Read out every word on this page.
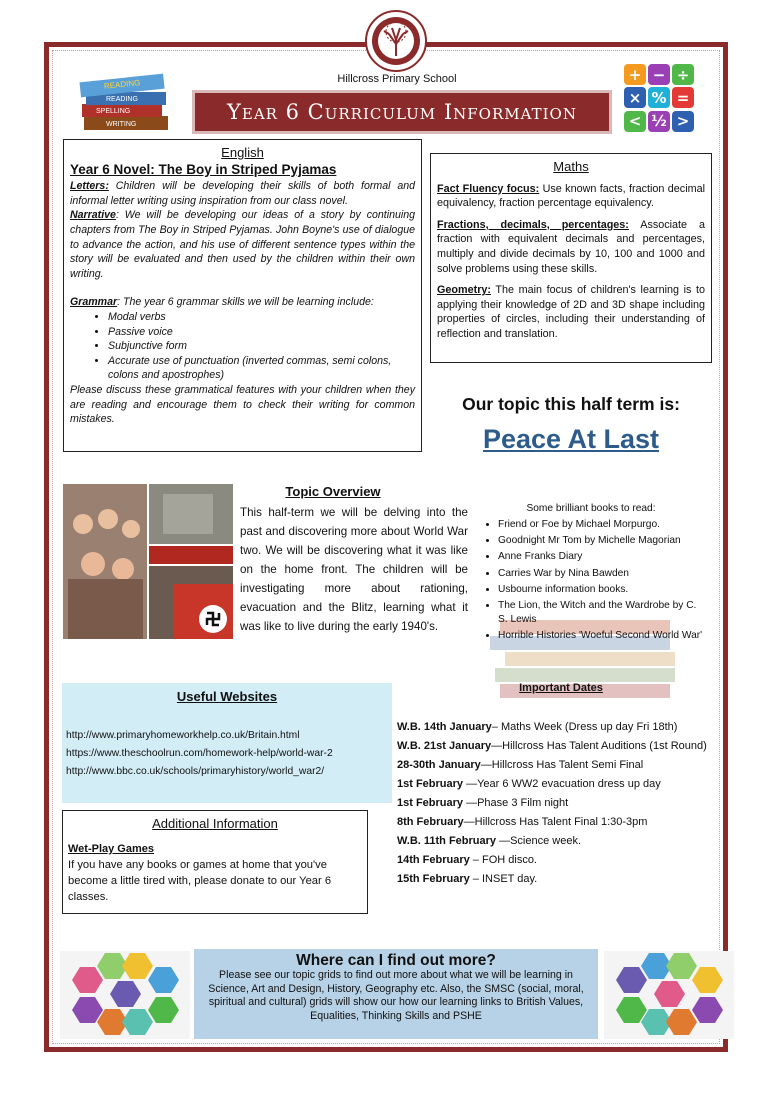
Hillcross Primary School
Year 6 Curriculum Information
WRITING
SPELLING
READING
READING
+ − ÷
× % =
< ½ >
English
Year 6 Novel: The Boy in Striped Pyjamas

Letters: Children will be developing their skills of both formal and informal letter writing using inspiration from our class novel.
Narrative: We will be developing our ideas of a story by continuing chapters from The Boy in Striped Pyjamas. John Boyne's use of dialogue to advance the action, and his use of different sentence types within the story will be evaluated and then used by the children within their own writing.

Grammar: The year 6 grammar skills we will be learning include:

• Modal verbs
• Passive voice
• Subjunctive form
• Accurate use of punctuation (inverted commas, semi colons, colons and apostrophes)

Please discuss these grammatical features with your children when they are reading and encourage them to check their writing for common mistakes.

Maths

Fact Fluency focus: Use known facts, fraction decimal equivalency, fraction percentage equivalency.

Fractions, decimals, percentages: Associate a fraction with equivalent decimals and percentages, multiply and divide decimals by 10, 100 and 1000 and solve problems using these skills.

Geometry: The main focus of children's learning is to applying their knowledge of 2D and 3D shape including properties of circles, including their understanding of reflection and translation.

Our topic this half term is:
Peace At Last
Topic Overview
This half-term we will be delving into the past and discovering more about World War two. We will be discovering what it was like on the home front. The children will be investigating more about rationing, evacuation and the Blitz, learning what it was like to live during the early 1940's.
Some brilliant books to read:
• Friend or Foe by Michael Morpurgo.
• Goodnight Mr Tom by Michelle Magorian
• Anne Franks Diary
• Carries War by Nina Bawden
• Usbourne information books.
• The Lion, the Witch and the Wardrobe by C. S. Lewis
• Horrible Histories 'Woeful Second World War'
Useful Websites
http://www.primaryhomeworkhelp.co.uk/Britain.html
https://www.theschoolrun.com/homework-help/world-war-2
http://www.bbc.co.uk/schools/primaryhistory/world_war2/
Additional Information
Wet-Play Games
If you have any books or games at home that you've become a little tired with, please donate to our Year 6 classes.
Important Dates
W.B. 14th January– Maths Week (Dress up day Fri 18th)
W.B. 21st January—Hillcross Has Talent Auditions (1st Round)
28-30th January—Hillcross Has Talent Semi Final
1st February —Year 6 WW2 evacuation dress up day
1st February —Phase 3 Film night
8th February—Hillcross Has Talent Final 1:30-3pm
W.B. 11th February —Science week.
14th February – FOH disco.
15th February – INSET day.
Where can I find out more?
Please see our topic grids to find out more about what we will be learning in Science, Art and Design, History, Geography etc. Also, the SMSC (social, moral, spiritual and cultural) grids will show our how our learning links to British Values, Equalities, Thinking Skills and PSHE
